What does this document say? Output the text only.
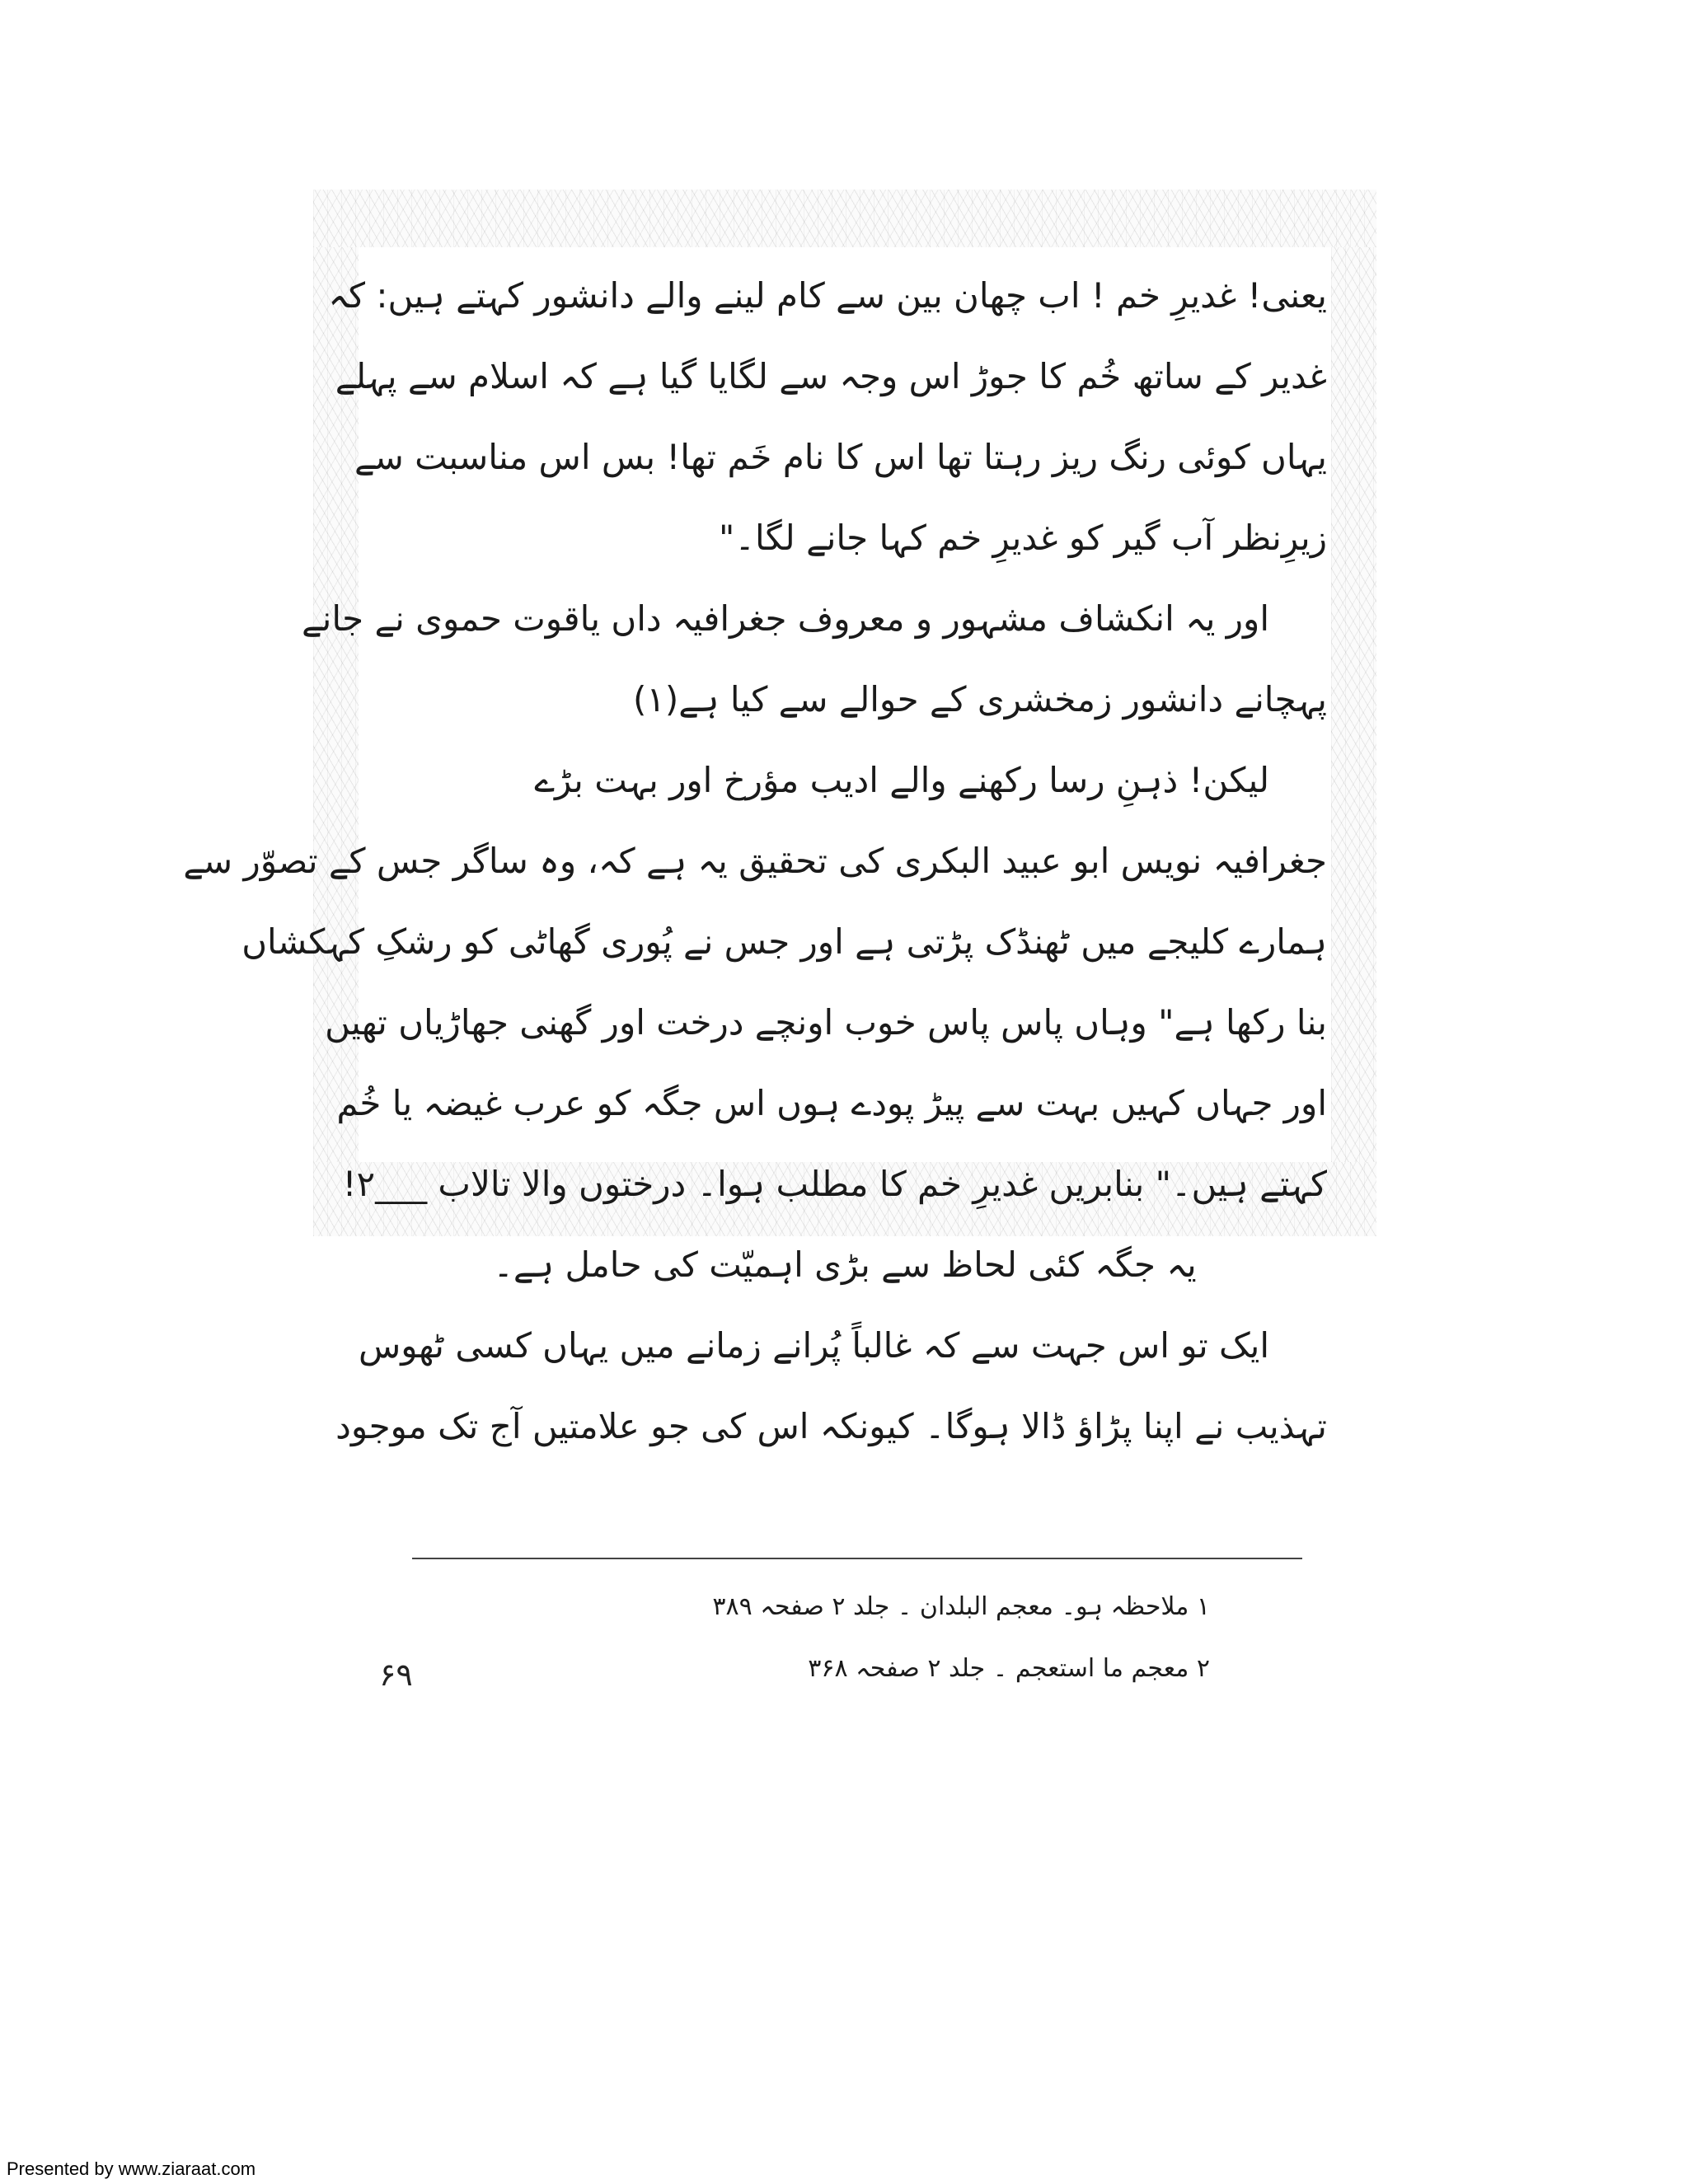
یعنی! غدیرِ خم ! اب چھان بین سے کام لینے والے دانشور کہتے ہیں: کہ
غدیر کے ساتھ خُم کا جوڑ اس وجہ سے لگایا گیا ہے کہ اسلام سے پہلے
یہاں کوئی رنگ ریز رہتا تھا اس کا نام خَم تھا! بس اس مناسبت سے
زیرِنظر آب گیر کو غدیرِ خم کہا جانے لگا۔"
اور یہ انکشاف مشہور و معروف جغرافیہ داں یاقوت حموی نے جانے
پہچانے دانشور زمخشری کے حوالے سے کیا ہے(۱)
لیکن! ذہنِ رسا رکھنے والے ادیب مؤرخ اور بہت بڑے
جغرافیہ نویس ابو عبید البکری کی تحقیق یہ ہے کہ، وہ ساگر جس کے تصوّر سے
ہمارے کلیجے میں ٹھنڈک پڑتی ہے اور جس نے پُوری گھاٹی کو رشکِ کہکشاں
بنا رکھا ہے" وہاں پاس پاس خوب اونچے درخت اور گھنی جھاڑیاں تھیں
اور جہاں کہیں بہت سے پیڑ پودے ہوں اس جگہ کو عرب غیضہ یا خُم
کہتے ہیں۔" بنابریں غدیرِ خم کا مطلب ہوا۔ درختوں والا تالاب ___۲!
یہ جگہ کئی لحاظ سے بڑی اہمیّت کی حامل ہے۔
ایک تو اس جہت سے کہ غالباً پُرانے زمانے میں یہاں کسی ٹھوس
تہذیب نے اپنا پڑاؤ ڈالا ہوگا۔ کیونکہ اس کی جو علامتیں آج تک موجود
۱ ملاحظہ ہو۔ معجم البلدان ۔ جلد ۲ صفحہ ۳۸۹
۲ معجم ما استعجم ۔ جلد ۲ صفحہ ۳۶۸
۶۹
Presented by www.ziaraat.com
